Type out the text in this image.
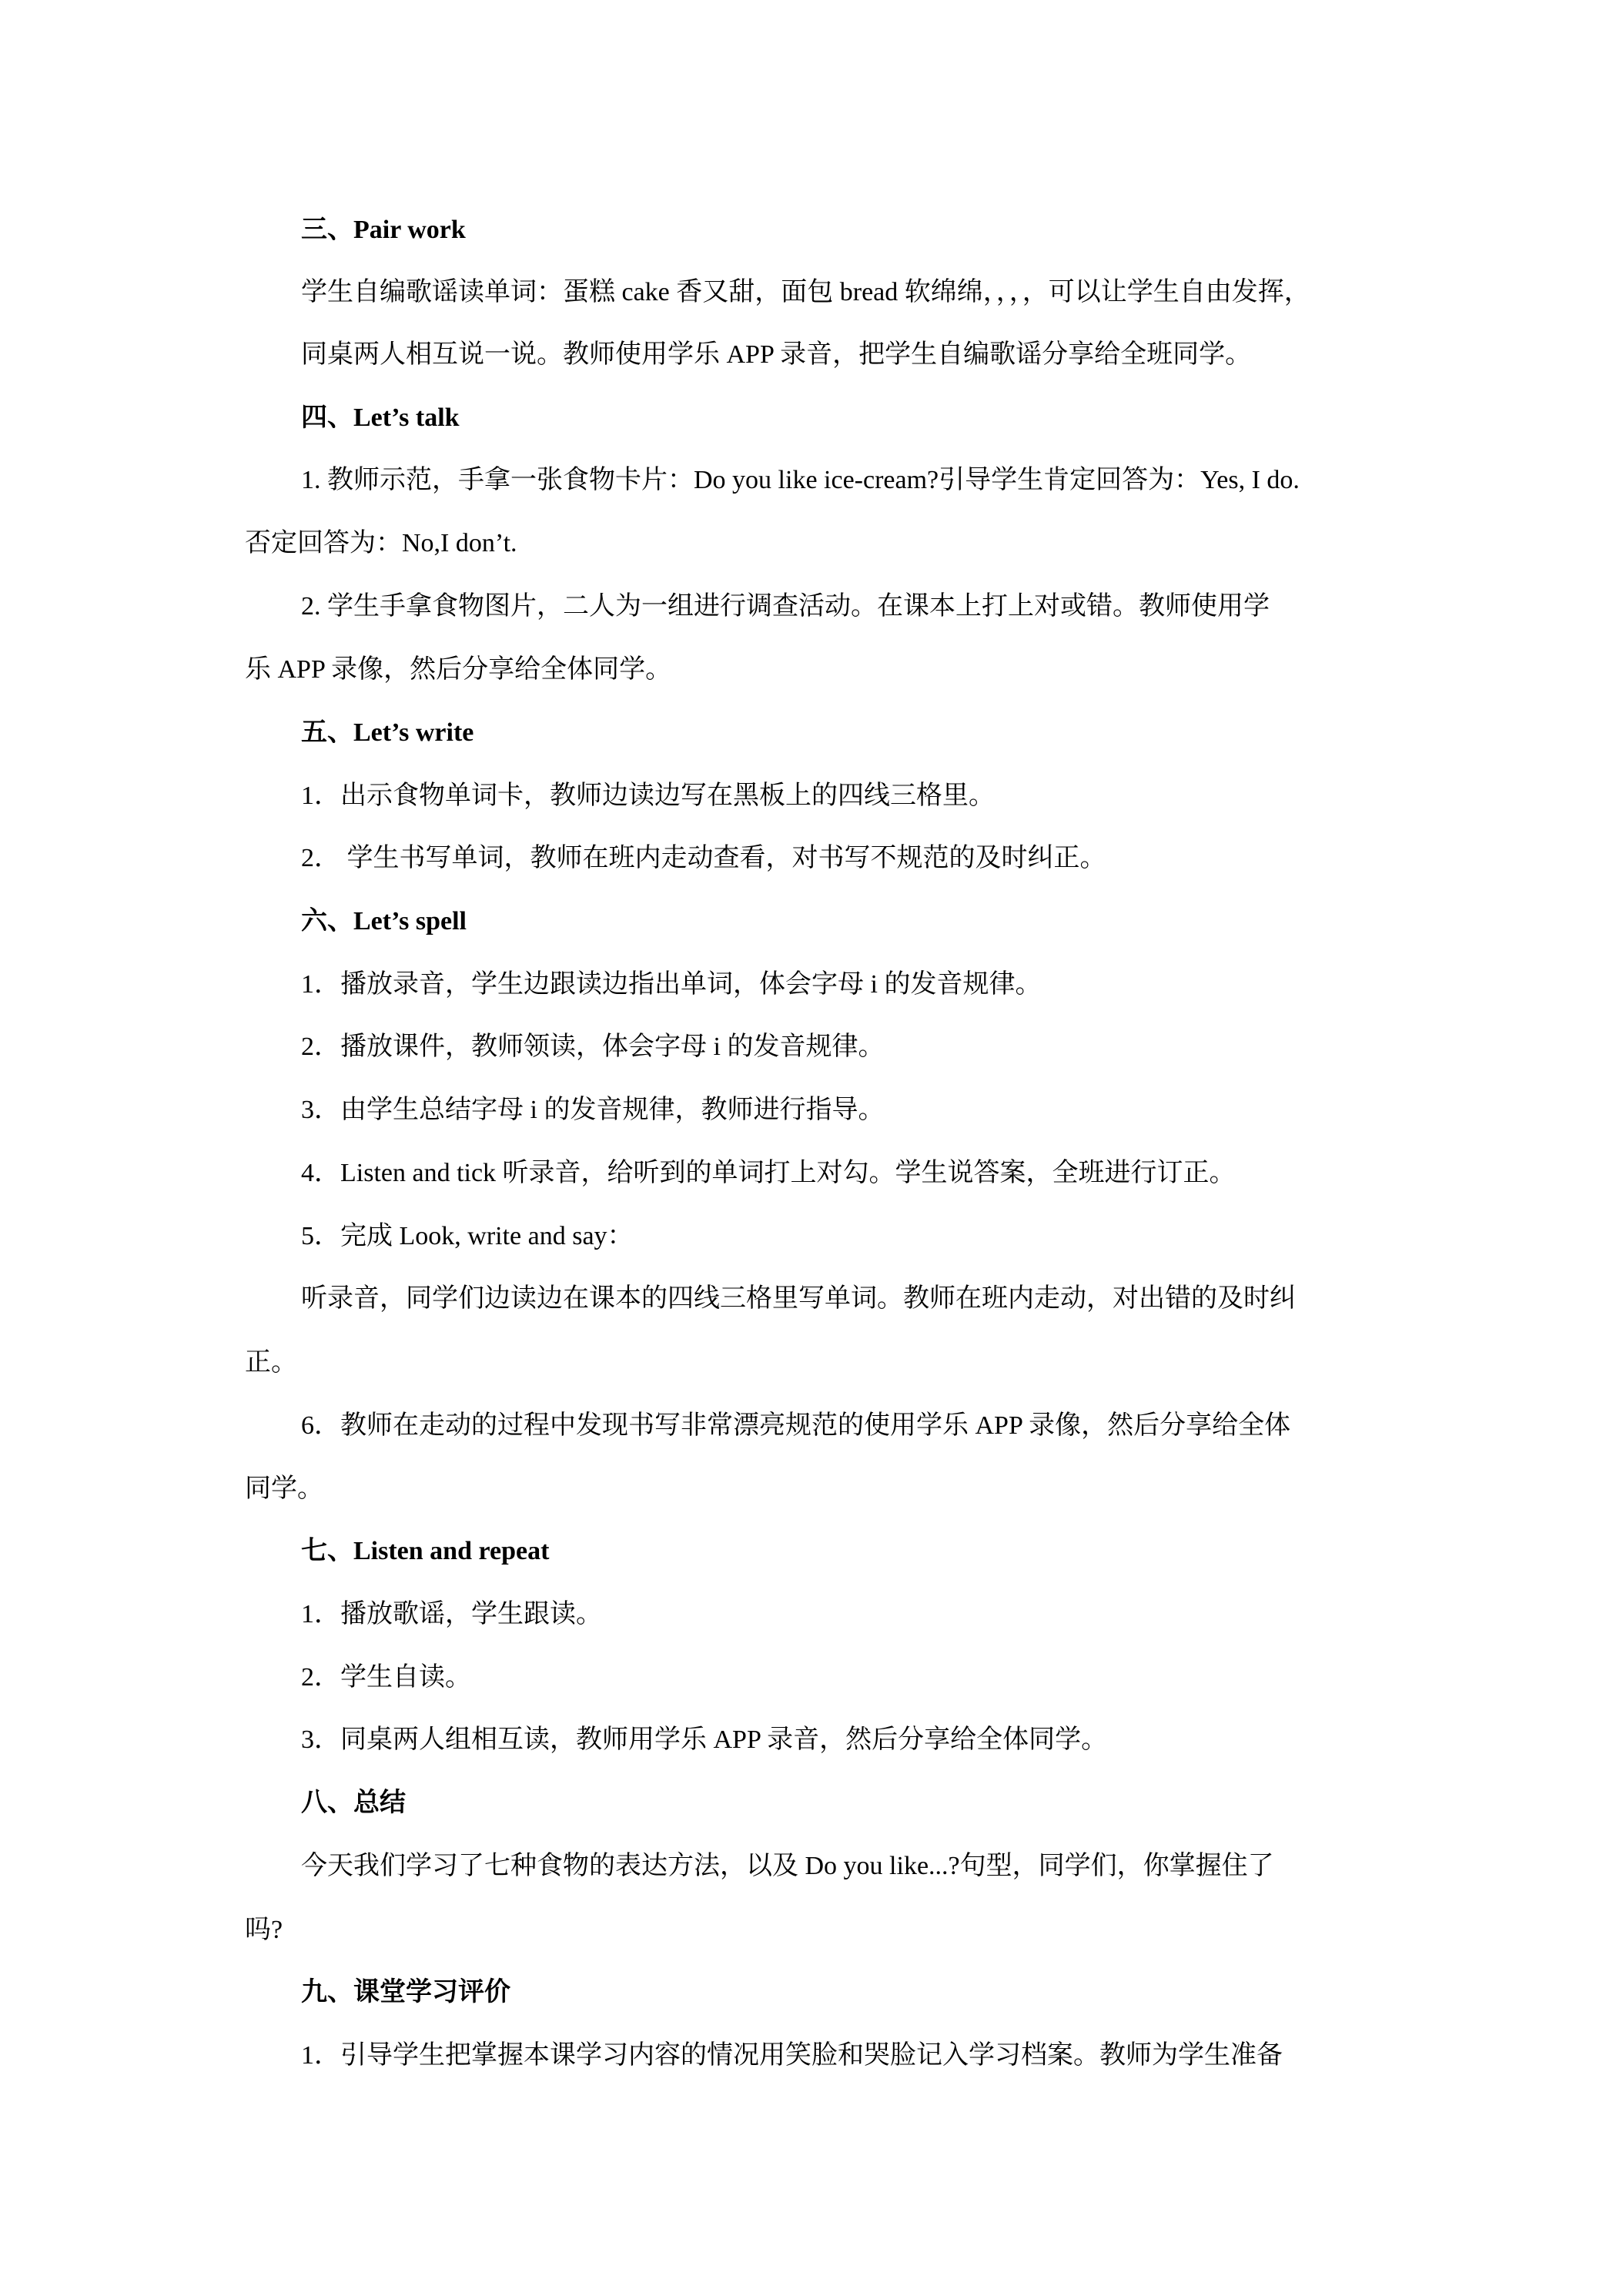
三、Pair work
学生自编歌谣读单词：蛋糕 cake 香又甜，面包 bread 软绵绵，，，，可以让学生自由发挥，
同桌两人相互说一说。教师使用学乐 APP 录音，把学生自编歌谣分享给全班同学。
四、Let’s talk
1. 教师示范，手拿一张食物卡片：Do you like ice-cream?引导学生肯定回答为：Yes, I do.
否定回答为：No,I don’t.
2. 学生手拿食物图片，二人为一组进行调查活动。在课本上打上对或错。教师使用学
乐 APP 录像，然后分享给全体同学。
五、Let’s write
1．出示食物单词卡，教师边读边写在黑板上的四线三格里。
2． 学生书写单词，教师在班内走动查看，对书写不规范的及时纠正。
六、Let’s spell
1．播放录音，学生边跟读边指出单词，体会字母 i 的发音规律。
2．播放课件，教师领读，体会字母 i 的发音规律。
3．由学生总结字母 i 的发音规律，教师进行指导。
4．Listen and tick 听录音，给听到的单词打上对勾。学生说答案，全班进行订正。
5．完成 Look, write and say：
听录音，同学们边读边在课本的四线三格里写单词。教师在班内走动，对出错的及时纠
正。
6．教师在走动的过程中发现书写非常漂亮规范的使用学乐 APP 录像，然后分享给全体
同学。
七、Listen and repeat
1．播放歌谣，学生跟读。
2．学生自读。
3．同桌两人组相互读，教师用学乐 APP 录音，然后分享给全体同学。
八、总结
今天我们学习了七种食物的表达方法，以及 Do you like...?句型，同学们，你掌握住了
吗?
九、课堂学习评价
1．引导学生把掌握本课学习内容的情况用笑脸和哭脸记入学习档案。教师为学生准备
